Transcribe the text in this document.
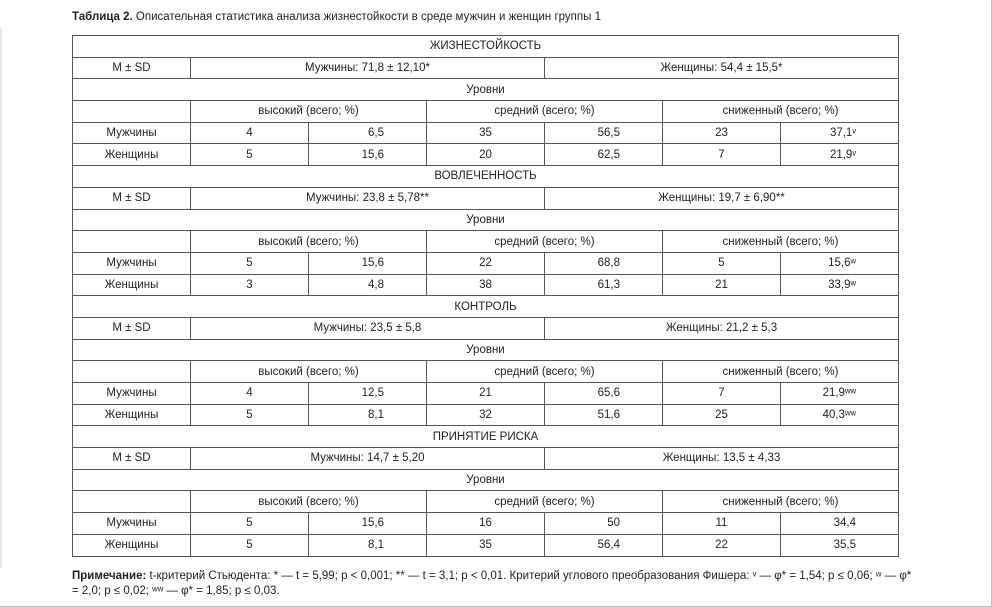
Таблица 2. Описательная статистика анализа жизнестойкости в среде мужчин и женщин группы 1
ЖИЗНЕСТОЙКОСТЬ						
M ± SD	Мужчины: 71,8 ± 12,10*			Женщины: 54,4 ± 15,5*		
Уровни						
	высокий (всего; %)		средний (всего; %)		сниженный (всего; %)	
Мужчины	4	6,5	35	56,5	23	37,1ᵛ
Женщины	5	15,6	20	62,5	7	21,9ᵛ
ВОВЛЕЧЕННОСТЬ						
M ± SD	Мужчины: 23,8 ± 5,78**			Женщины: 19,7 ± 6,90**		
Уровни						
	высокий (всего; %)		средний (всего; %)		сниженный (всего; %)	
Мужчины	5	15,6	22	68,8	5	15,6ʷ
Женщины	3	4,8	38	61,3	21	33,9ʷ
КОНТРОЛЬ						
M ± SD	Мужчины: 23,5 ± 5,8			Женщины: 21,2 ± 5,3		
Уровни						
	высокий (всего; %)		средний (всего; %)		сниженный (всего; %)	
Мужчины	4	12,5	21	65,6	7	21,9ʷʷ
Женщины	5	8,1	32	51,6	25	40,3ʷʷ
ПРИНЯТИЕ РИСКА						
M ± SD	Мужчины: 14,7 ± 5,20			Женщины: 13,5 ± 4,33		
Уровни						
	высокий (всего; %)		средний (всего; %)		сниженный (всего; %)	
Мужчины	5	15,6	16	50	11	34,4
Женщины	5	8,1	35	56,4	22	35,5
Примечание: t-критерий Стьюдента: * — t = 5,99; p < 0,001; ** — t = 3,1; p < 0,01. Критерий углового преобразования Фишера: ᵛ — φ* = 1,54; p ≤ 0,06; ʷ — φ* = 2,0; p ≤ 0,02; ʷʷ — φ* = 1,85; p ≤ 0,03.
